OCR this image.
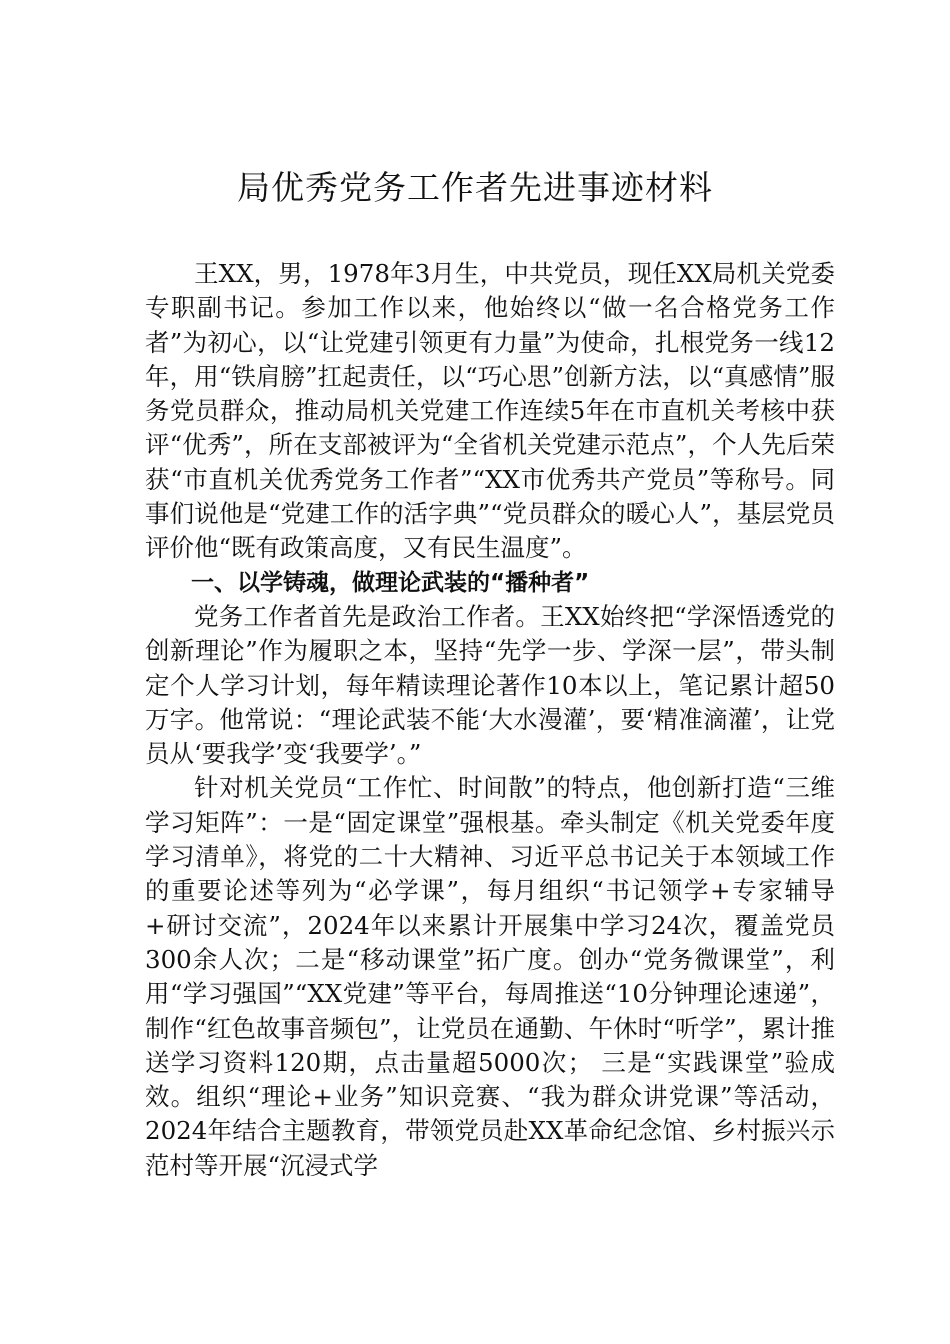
局优秀党务工作者先进事迹材料

王XX，男，1978年3月生，中共党员，现任XX局机关党委专职副书记。参加工作以来，他始终以“做一名合格党务工作者”为初心，以“让党建引领更有力量”为使命，扎根党务一线12年，用“铁肩膀”扛起责任，以“巧心思”创新方法，以“真感情”服务党员群众，推动局机关党建工作连续5年在市直机关考核中获评“优秀”，所在支部被评为“全省机关党建示范点”，个人先后荣获“市直机关优秀党务工作者”“XX市优秀共产党员”等称号。同事们说他是“党建工作的活字典”“党员群众的暖心人”，基层党员评价他“既有政策高度，又有民生温度”。

一、以学铸魂，做理论武装的“播种者”

党务工作者首先是政治工作者。王XX始终把“学深悟透党的创新理论”作为履职之本，坚持“先学一步、学深一层”，带头制定个人学习计划，每年精读理论著作10本以上，笔记累计超50万字。他常说：“理论武装不能‘大水漫灌’，要‘精准滴灌’，让党员从‘要我学’变‘我要学’。”

针对机关党员“工作忙、时间散”的特点，他创新打造“三维学习矩阵”：一是“固定课堂”强根基。牵头制定《机关党委年度学习清单》，将党的二十大精神、习近平总书记关于本领域工作的重要论述等列为“必学课”，每月组织“书记领学+专家辅导+研讨交流”，2024年以来累计开展集中学习24次，覆盖党员300余人次；二是“移动课堂”拓广度。创办“党务微课堂”，利用“学习强国”“XX党建”等平台，每周推送“10分钟理论速递”，制作“红色故事音频包”，让党员在通勤、午休时“听学”，累计推送学习资料120期，点击量超5000次； 三是“实践课堂”验成效。组织“理论+业务”知识竞赛、“我为群众讲党课”等活动，2024年结合主题教育，带领党员赴XX革命纪念馆、乡村振兴示范村等开展“沉浸式学
